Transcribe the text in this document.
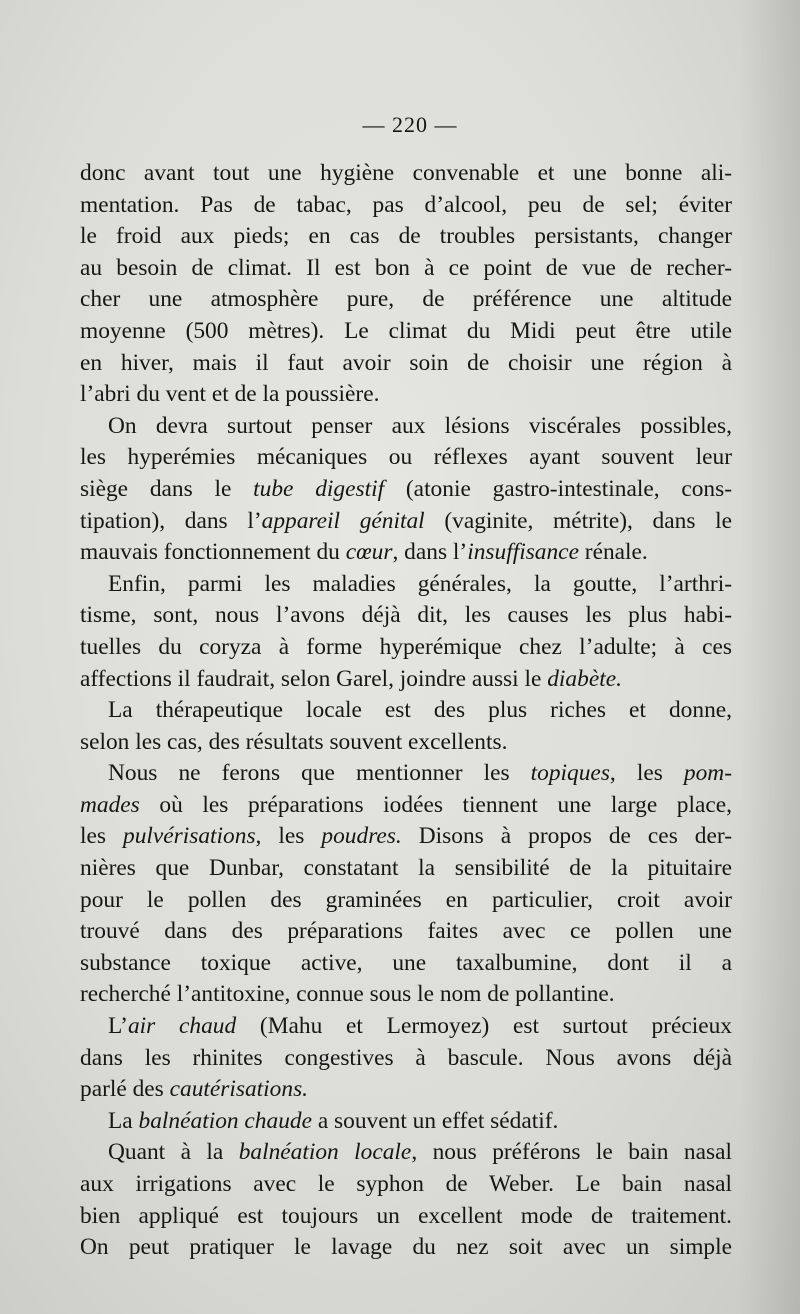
— 220 —
donc avant tout une hygiène convenable et une bonne ali-
mentation. Pas de tabac, pas d’alcool, peu de sel; éviter
le froid aux pieds; en cas de troubles persistants, changer
au besoin de climat. Il est bon à ce point de vue de recher-
cher une atmosphère pure, de préférence une altitude
moyenne (500 mètres). Le climat du Midi peut être utile
en hiver, mais il faut avoir soin de choisir une région à
l’abri du vent et de la poussière.
On devra surtout penser aux lésions viscérales possibles,
les hyperémies mécaniques ou réflexes ayant souvent leur
siège dans le tube digestif (atonie gastro-intestinale, cons-
tipation), dans l’appareil génital (vaginite, métrite), dans le
mauvais fonctionnement du cœur, dans l’insuffisance rénale.
Enfin, parmi les maladies générales, la goutte, l’arthri-
tisme, sont, nous l’avons déjà dit, les causes les plus habi-
tuelles du coryza à forme hyperémique chez l’adulte; à ces
affections il faudrait, selon Garel, joindre aussi le diabète.
La thérapeutique locale est des plus riches et donne,
selon les cas, des résultats souvent excellents.
Nous ne ferons que mentionner les topiques, les pom-
mades où les préparations iodées tiennent une large place,
les pulvérisations, les poudres. Disons à propos de ces der-
nières que Dunbar, constatant la sensibilité de la pituitaire
pour le pollen des graminées en particulier, croit avoir
trouvé dans des préparations faites avec ce pollen une
substance toxique active, une taxalbumine, dont il a
recherché l’antitoxine, connue sous le nom de pollantine.
L’air chaud (Mahu et Lermoyez) est surtout précieux
dans les rhinites congestives à bascule. Nous avons déjà
parlé des cautérisations.
La balnéation chaude a souvent un effet sédatif.
Quant à la balnéation locale, nous préférons le bain nasal
aux irrigations avec le syphon de Weber. Le bain nasal
bien appliqué est toujours un excellent mode de traitement.
On peut pratiquer le lavage du nez soit avec un simple
